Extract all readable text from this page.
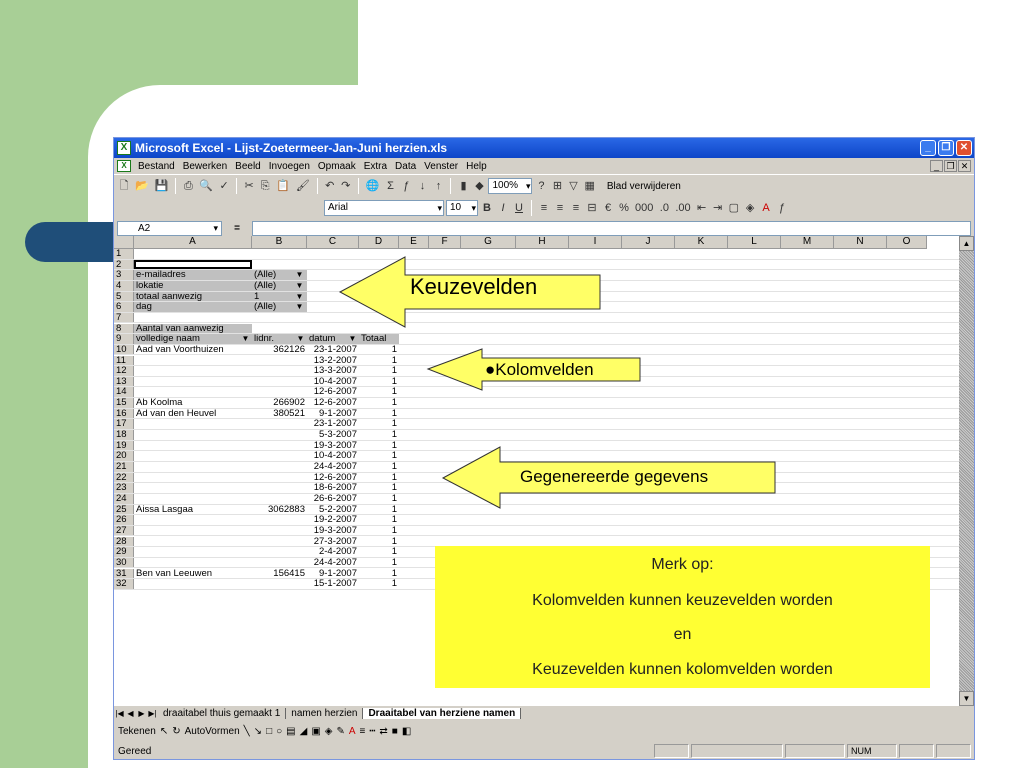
X Microsoft Excel - Lijst-Zoetermeer-Jan-Juni herzien.xls	_	❐ ✕
X	Bestand Bewerken Beeld Invoegen Opmaak Extra Data Venster Help	_ ❐ ✕
🗋 📂 💾 ⎙ 🔍 ✓ ✂ ⎘ 📋 🖌 ↶ ↷ 🌐 Σ ƒ ↓ ↑	▮ ◆ 100% ▾	? ⊞ ▽ ▦ Blad verwijderen
Arial ▾	10 ▾	B I U	≡ ≡ ≡ ⊟ € % 000 .0 .00 ⇤ ⇥ ▢ ◈ A ƒ
A2 ▾	=
A	B	C	D	E	F	G	H	I	J	K	L	M	N	O
1
2
3	e-mailadres	(Alle)	▼
4	lokatie	(Alle)	▼
5	totaal aanwezig	1	▼
6	dag	(Alle)	▼
7
8	Aantal van aanwezig
9	volledige naam	lidnr.	datum	Totaal
▼	▼	▼
10 Aad van Voorthuizen	362126 23-1-2007	1
11	13-2-2007	1
12	13-3-2007	1
13	10-4-2007	1
14	12-6-2007	1
15 Ab Koolma	266902 12-6-2007	1
16 Ad van den Heuvel	380521	9-1-2007	1
17	23-1-2007	1
18	5-3-2007	1
19	19-3-2007	1
20	10-4-2007	1
21	24-4-2007	1
22	12-6-2007	1
23	18-6-2007	1
24	26-6-2007	1
25 Aissa Lasgaa	3062883	5-2-2007	1
26	19-2-2007	1
27	19-3-2007	1
28	27-3-2007	1
29	2-4-2007	1
30	24-4-2007	1
31 Ben van Leeuwen	156415	9-1-2007	1
32	15-1-2007	1
▲
▼
|◀ ◀ ▶ ▶| draaitabel thuis gemaakt 1	namen herzien	Draaitabel van herziene namen
Tekenen ↖ ↻ AutoVormen ╲ ↘ □ ○ ▤ ◢ ▣ ◈ ✎ A ≡ ┅ ⇄ ■ ◧
Gereed	NUM
Keuzevelden
●Kolomvelden
Gegenereerde gegevens
Merk op:
Kolomvelden kunnen keuzevelden worden
en
Keuzevelden kunnen kolomvelden worden
